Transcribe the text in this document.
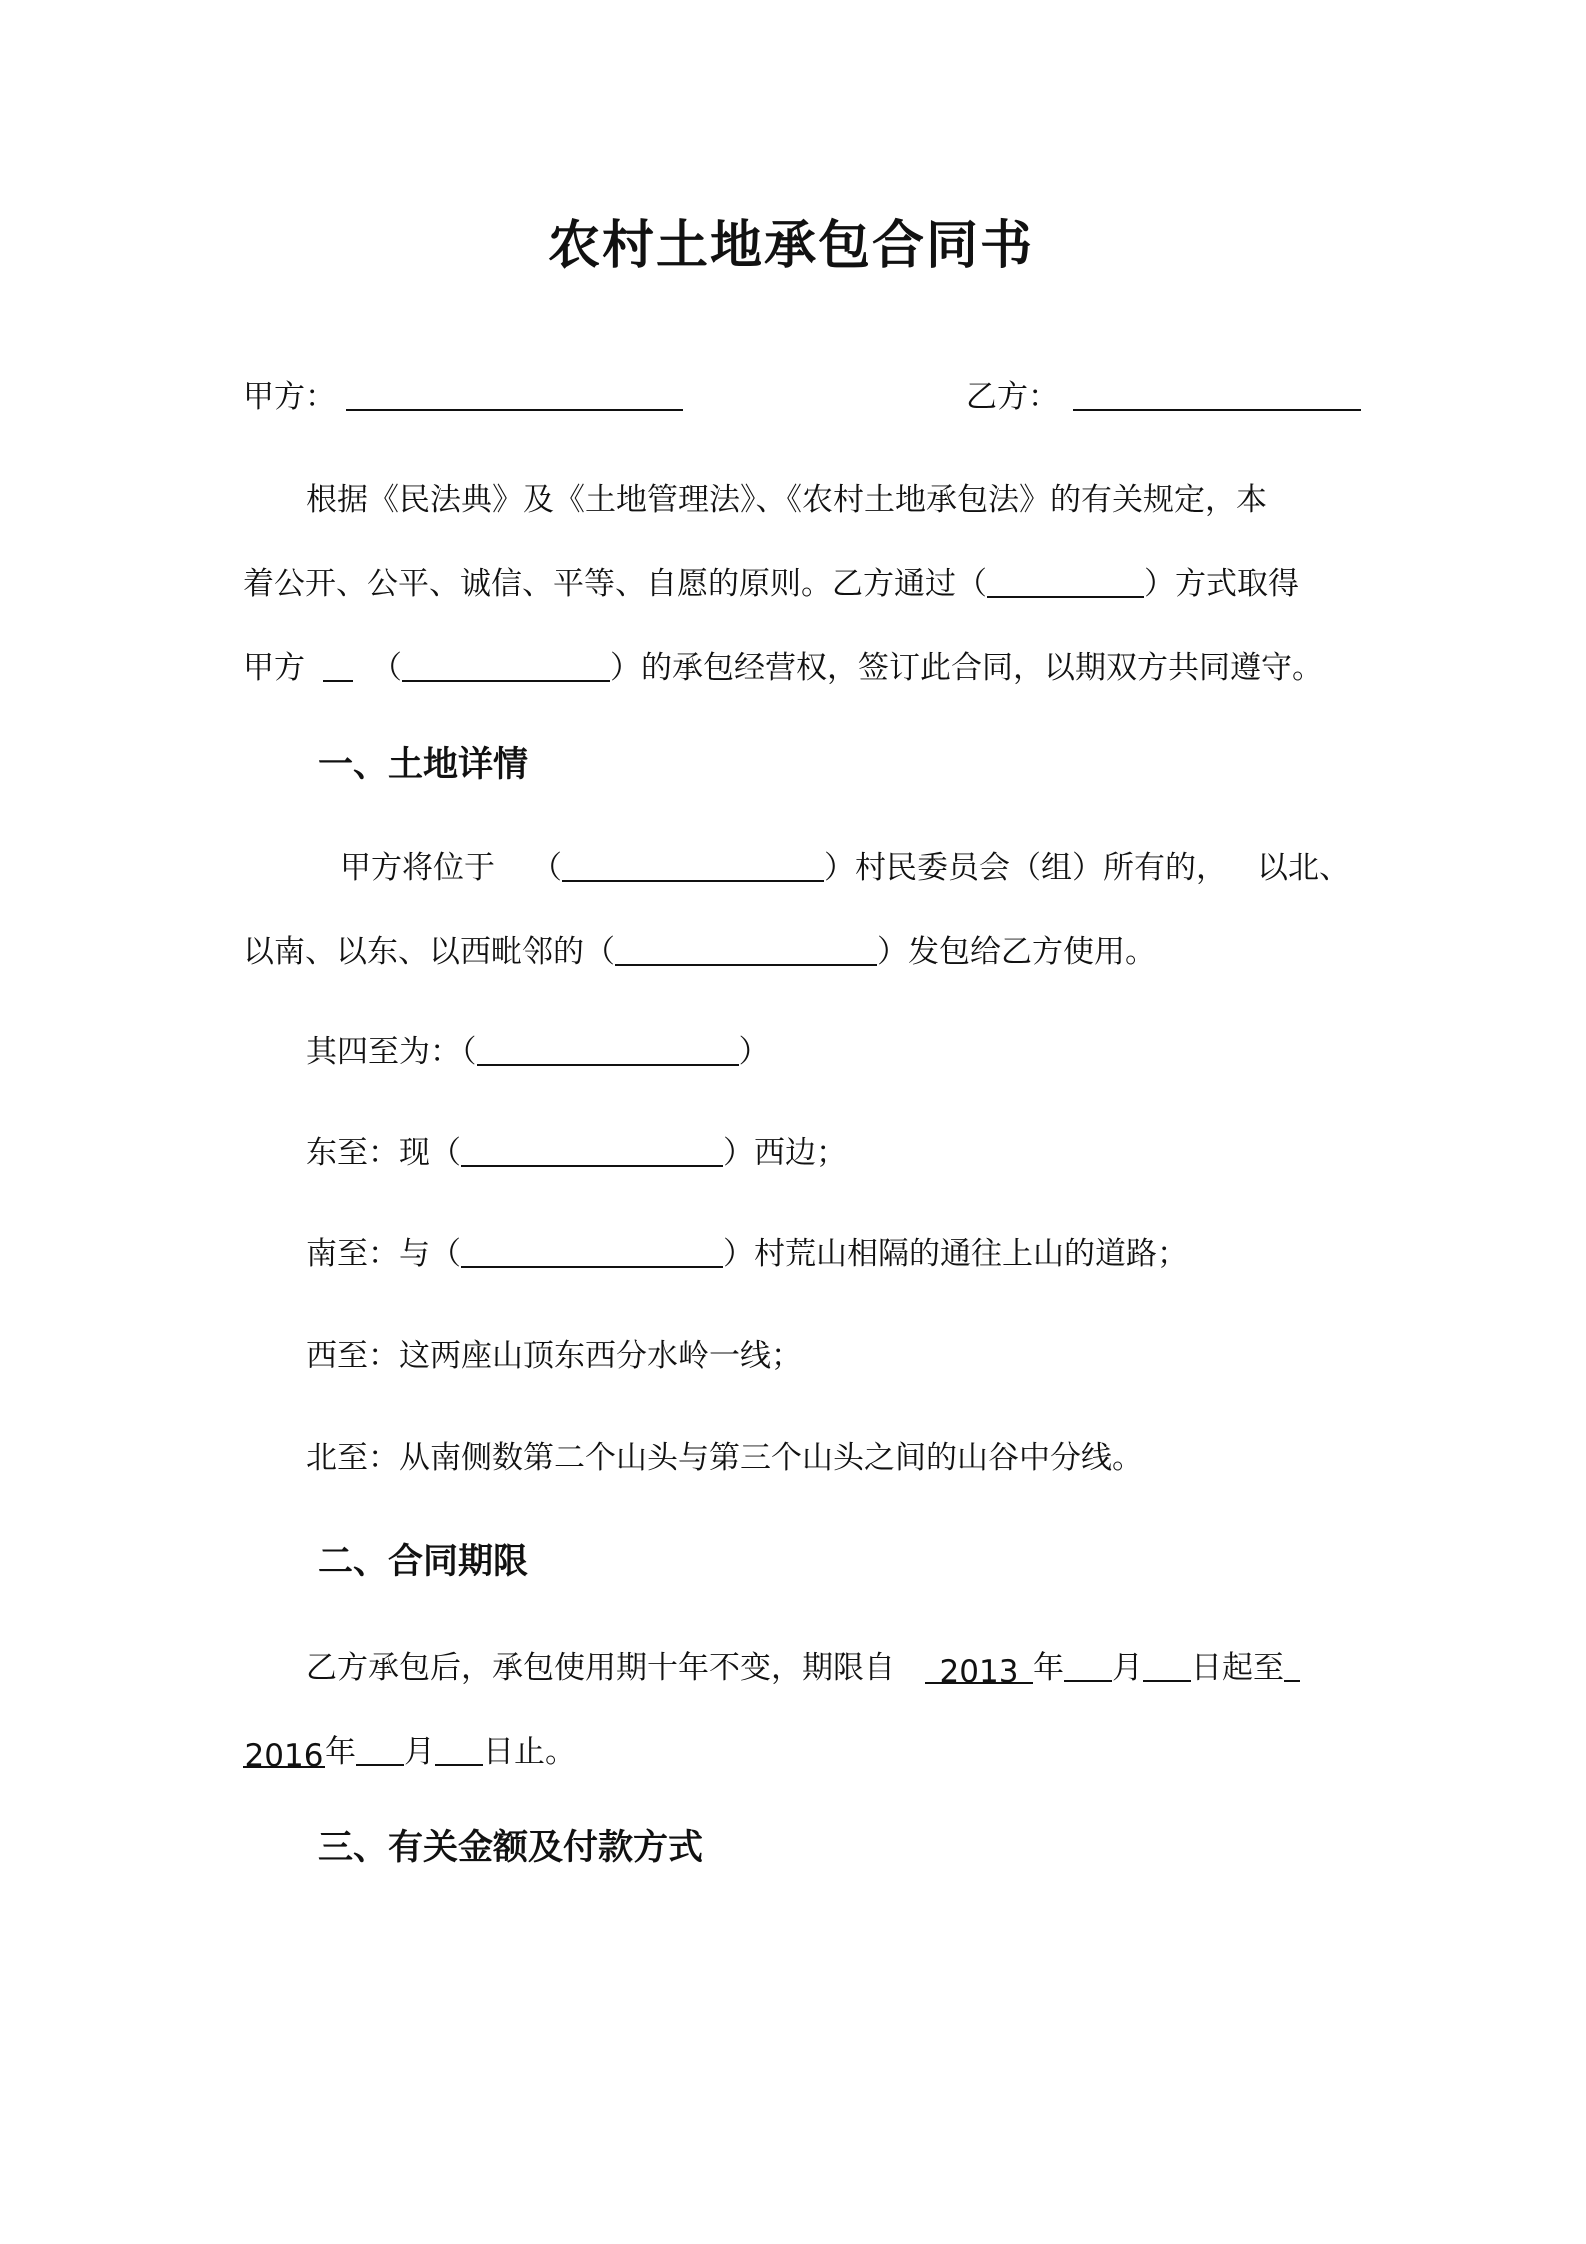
农村土地承包合同书
甲方：	乙方：
根据《民法典》及《土地管理法》、《农村土地承包法》的有关规定，本
着公开、公平、诚信、平等、自愿的原则。乙方通过（	）方式取得
甲方 （	）的承包经营权，签订此合同，以期双方共同遵守。
一、土地详情
甲方将位于 （	）村民委员会（组）所有的， 以北、
以南、以东、以西毗邻的（	）发包给乙方使用。
其四至为：（	）
东至：现（	）西边；
南至：与（	）村荒山相隔的通往上山的道路；
西至：这两座山顶东西分水岭一线；
北至：从南侧数第二个山头与第三个山头之间的山谷中分线。
二、合同期限
乙方承包后，承包使用期十年不变，期限自 2013 年 月 日起至
2016年 月 日止。
三、有关金额及付款方式
